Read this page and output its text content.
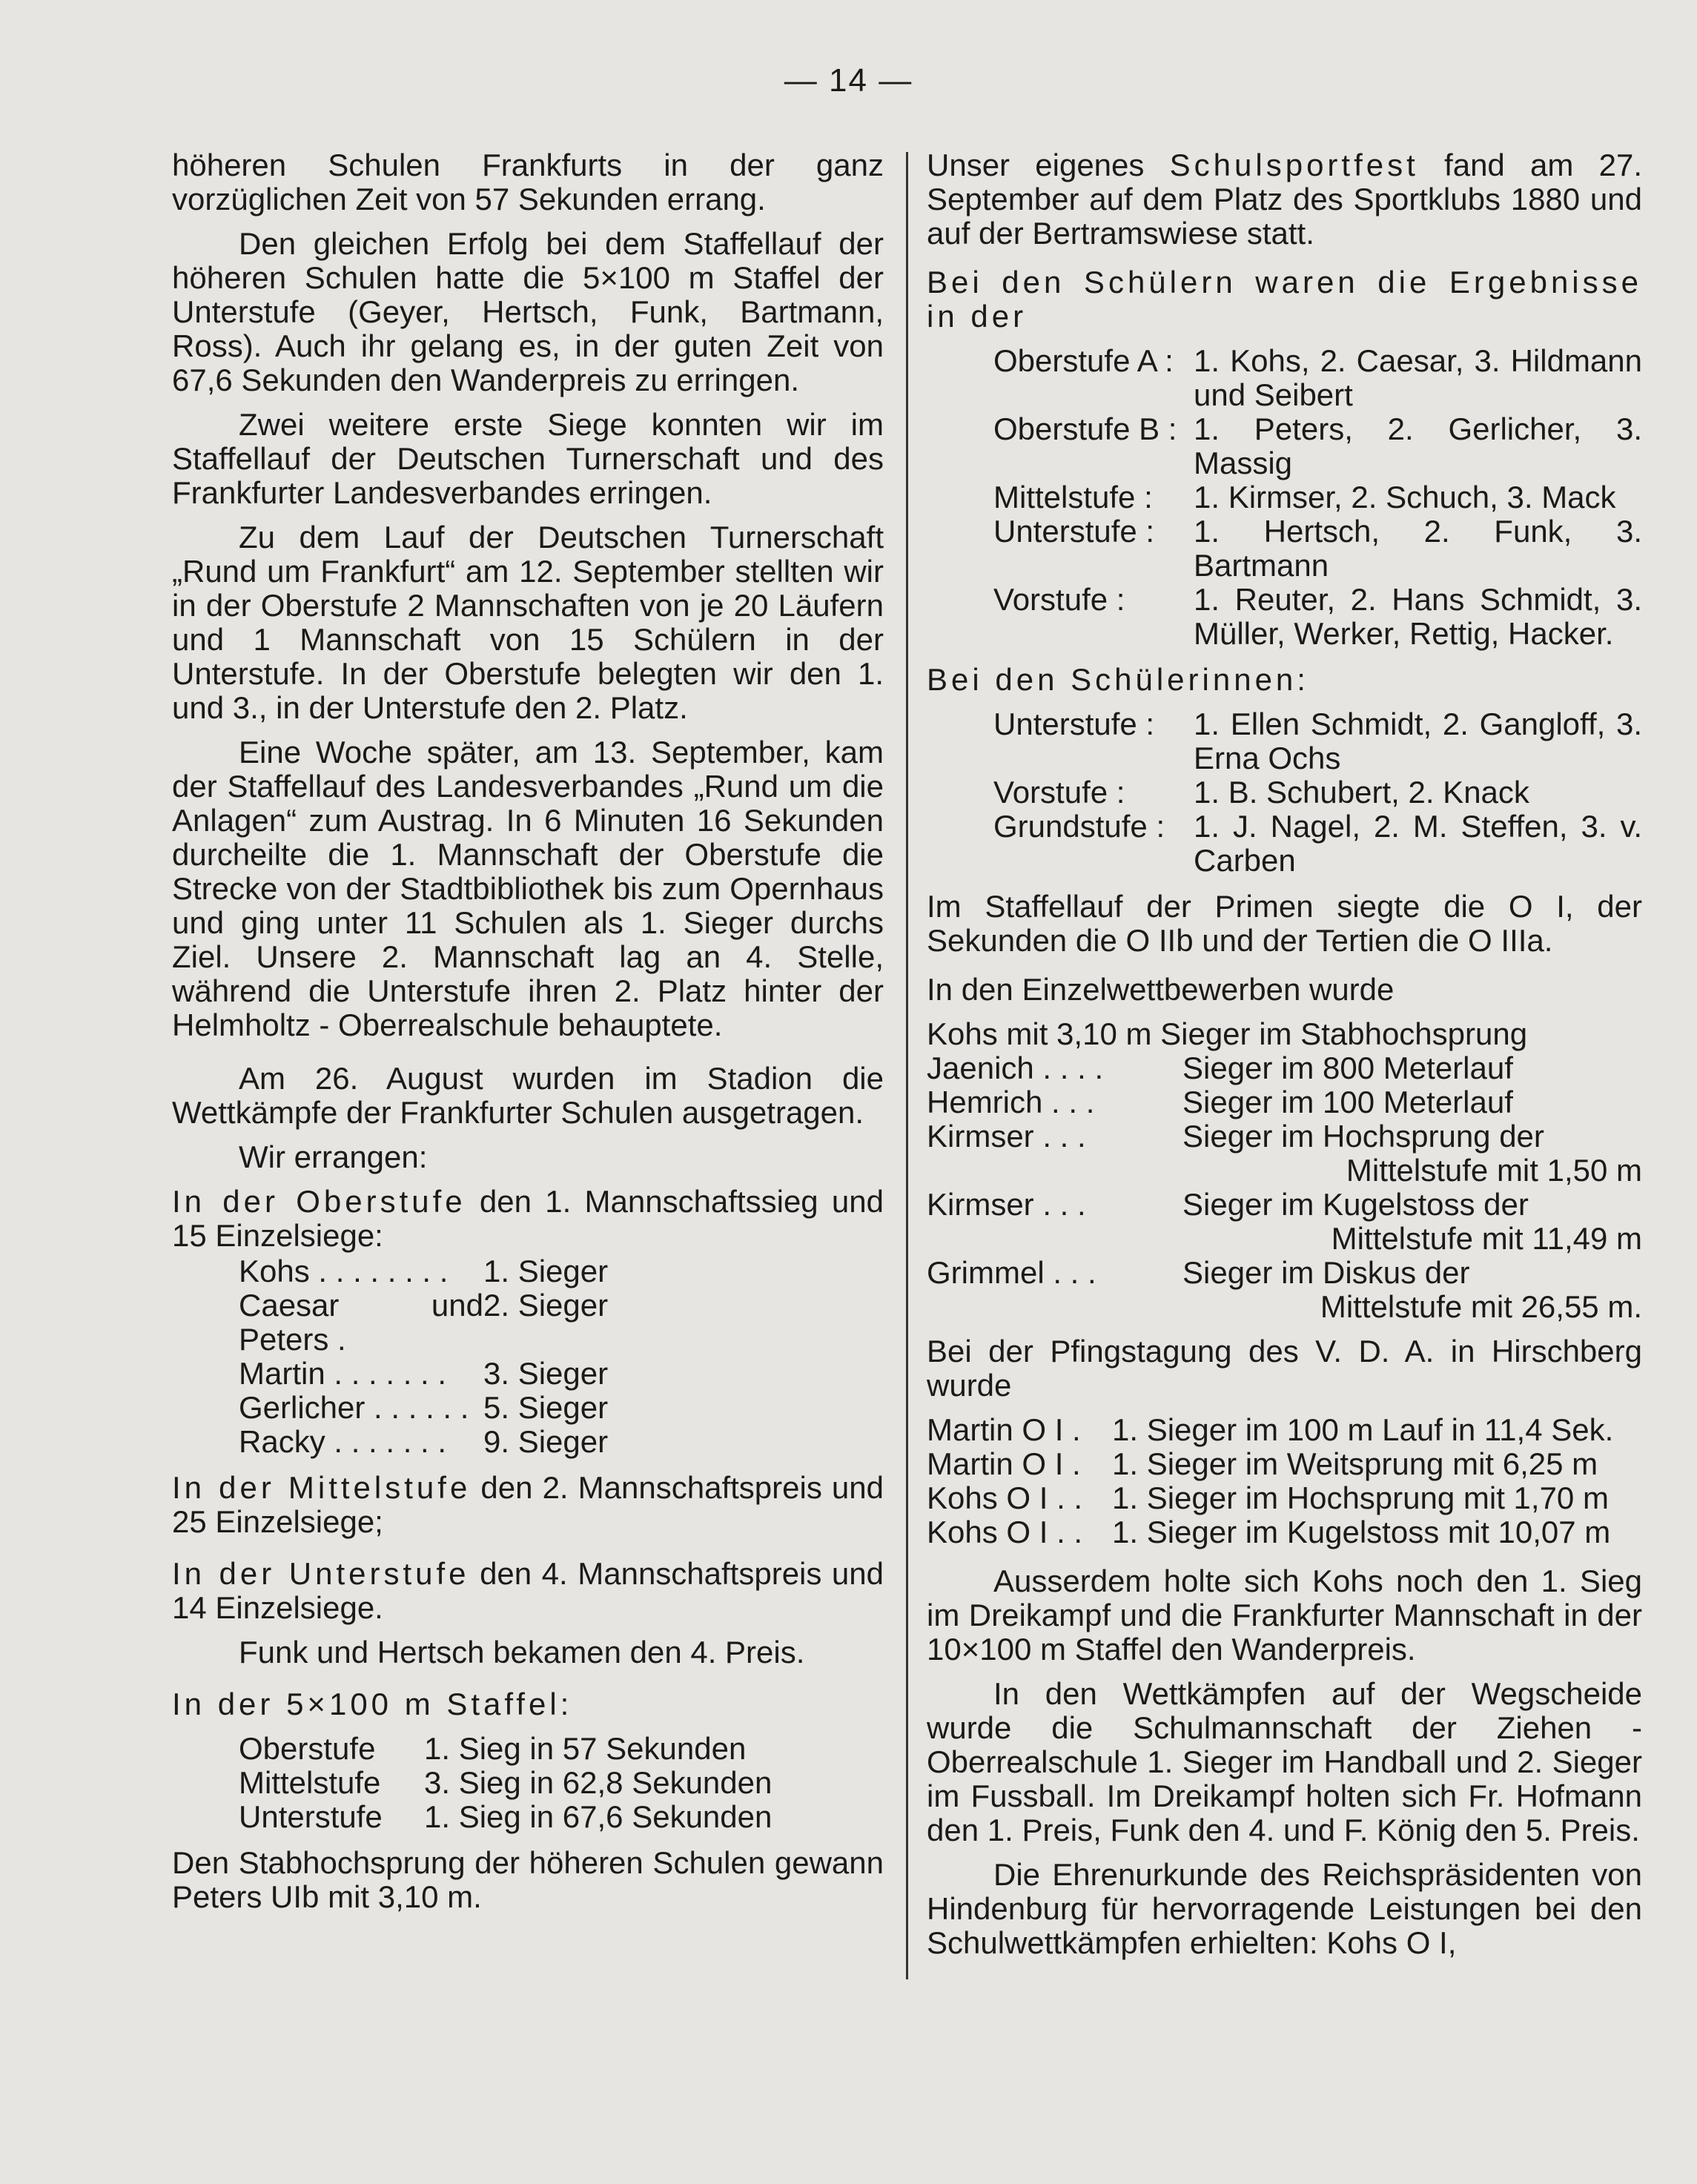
— 14 —

höheren Schulen Frankfurts in der ganz vorzüglichen Zeit von 57 Sekunden errang.

Den gleichen Erfolg bei dem Staffellauf der höheren Schulen hatte die 5×100 m Staffel der Unterstufe (Geyer, Hertsch, Funk, Bartmann, Ross). Auch ihr gelang es, in der guten Zeit von 67,6 Sekunden den Wanderpreis zu erringen.

Zwei weitere erste Siege konnten wir im Staffellauf der Deutschen Turnerschaft und des Frankfurter Landesverbandes erringen.

Zu dem Lauf der Deutschen Turnerschaft „Rund um Frankfurt“ am 12. September stellten wir in der Oberstufe 2 Mannschaften von je 20 Läufern und 1 Mannschaft von 15 Schülern in der Unterstufe. In der Oberstufe belegten wir den 1. und 3., in der Unterstufe den 2. Platz.

Eine Woche später, am 13. September, kam der Staffellauf des Landesverbandes „Rund um die Anlagen“ zum Austrag. In 6 Minuten 16 Sekunden durcheilte die 1. Mannschaft der Oberstufe die Strecke von der Stadtbibliothek bis zum Opernhaus und ging unter 11 Schulen als 1. Sieger durchs Ziel. Unsere 2. Mannschaft lag an 4. Stelle, während die Unterstufe ihren 2. Platz hinter der Helmholtz - Oberrealschule behauptete.

Am 26. August wurden im Stadion die Wettkämpfe der Frankfurter Schulen ausgetragen.

Wir errangen:

In der Oberstufe den 1. Mannschaftssieg und 15 Einzelsiege:
Kohs . . . . . . . .	1. Sieger
Caesar und Peters .	2. Sieger
Martin . . . . . . .	3. Sieger
Gerlicher . . . . . .	5. Sieger
Racky . . . . . . .	9. Sieger

In der Mittelstufe den 2. Mannschaftspreis und 25 Einzelsiege;

In der Unterstufe den 4. Mannschaftspreis und 14 Einzelsiege.

Funk und Hertsch bekamen den 4. Preis.

In der 5×100 m Staffel:

Oberstufe	1. Sieg in 57 Sekunden
Mittelstufe	3. Sieg in 62,8 Sekunden
Unterstufe	1. Sieg in 67,6 Sekunden

Den Stabhochsprung der höheren Schulen gewann Peters UIb mit 3,10 m.

Unser eigenes Schulsportfest fand am 27. September auf dem Platz des Sportklubs 1880 und auf der Bertramswiese statt.

Bei den Schülern waren die Ergebnisse in der

Oberstufe A :	1. Kohs, 2. Caesar, 3. Hildmann und Seibert
Oberstufe B :	1. Peters, 2. Gerlicher, 3. Massig
Mittelstufe :	1. Kirmser, 2. Schuch, 3. Mack
Unterstufe :	1. Hertsch, 2. Funk, 3. Bartmann
Vorstufe :	1. Reuter, 2. Hans Schmidt, 3. Müller, Werker, Rettig, Hacker.

Bei den Schülerinnen:

Unterstufe :	1. Ellen Schmidt, 2. Gangloff, 3. Erna Ochs
Vorstufe :	1. B. Schubert, 2. Knack
Grundstufe :	1. J. Nagel, 2. M. Steffen, 3. v. Carben

Im Staffellauf der Primen siegte die O I, der Sekunden die O IIb und der Tertien die O IIIa.

In den Einzelwettbewerben wurde

Kohs mit 3,10 m Sieger im Stabhochsprung

Jaenich . . . .	Sieger im 800 Meterlauf

Hemrich . . .	Sieger im 100 Meterlauf

Kirmser . . .	Sieger im Hochsprung der
Mittelstufe mit 1,50 m

Kirmser . . .	Sieger im Kugelstoss der
Mittelstufe mit 11,49 m

Grimmel . . .	Sieger im Diskus der
Mittelstufe mit 26,55 m.

Bei der Pfingstagung des V. D. A. in Hirschberg wurde

Martin O I .	1. Sieger im 100 m Lauf in 11,4 Sek.
Martin O I .	1. Sieger im Weitsprung mit 6,25 m
Kohs O I . .	1. Sieger im Hochsprung mit 1,70 m
Kohs O I . .	1. Sieger im Kugelstoss mit 10,07 m

Ausserdem holte sich Kohs noch den 1. Sieg im Dreikampf und die Frankfurter Mannschaft in der 10×100 m Staffel den Wanderpreis.

In den Wettkämpfen auf der Wegscheide wurde die Schulmannschaft der Ziehen - Oberrealschule 1. Sieger im Handball und 2. Sieger im Fussball. Im Dreikampf holten sich Fr. Hofmann den 1. Preis, Funk den 4. und F. König den 5. Preis.

Die Ehrenurkunde des Reichspräsidenten von Hindenburg für hervorragende Leistungen bei den Schulwettkämpfen erhielten: Kohs O I,
